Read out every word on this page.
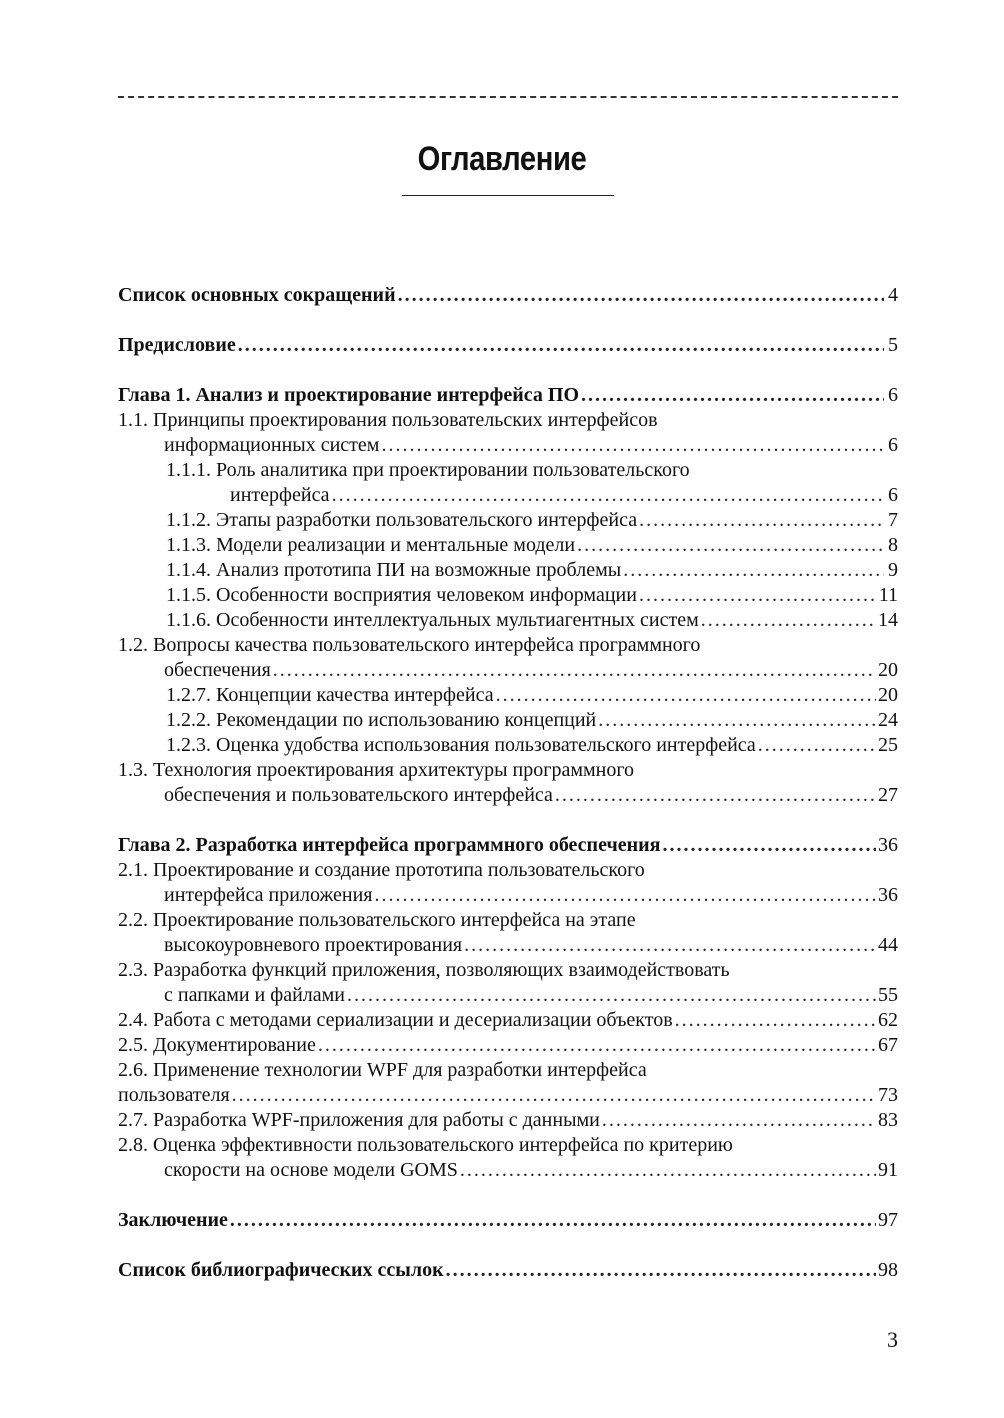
Оглавление
Список основных сокращений .....	4
Предисловие .....	5
Глава 1. Анализ и проектирование интерфейса ПО .....	6
1.1. Принципы проектирования пользовательских интерфейсов
информационных систем .....	6
1.1.1. Роль аналитика при проектировании пользовательского
интерфейса .....	6
1.1.2. Этапы разработки пользовательского интерфейса .....	7
1.1.3. Модели реализации и ментальные модели .....	8
1.1.4. Анализ прототипа ПИ на возможные проблемы .....	9
1.1.5. Особенности восприятия человеком информации .....	11
1.1.6. Особенности интеллектуальных мультиагентных систем .....	14
1.2. Вопросы качества пользовательского интерфейса программного
обеспечения .....	20
1.2.7. Концепции качества интерфейса .....	20
1.2.2. Рекомендации по использованию концепций .....	24
1.2.3. Оценка удобства использования пользовательского интерфейса .....	25
1.3. Технология проектирования архитектуры программного
обеспечения и пользовательского интерфейса .....	27
Глава 2. Разработка интерфейса программного обеспечения .....	36
2.1. Проектирование и создание прототипа пользовательского
интерфейса приложения .....	36
2.2. Проектирование пользовательского интерфейса на этапе
высокоуровневого проектирования .....	44
2.3. Разработка функций приложения, позволяющих взаимодействовать
с папками и файлами .....	55
2.4. Работа с методами сериализации и десериализации объектов .....	62
2.5. Документирование .....	67
2.6. Применение технологии WPF для разработки интерфейса
пользователя .....	73
2.7. Разработка WPF-приложения для работы с данными .....	83
2.8. Оценка эффективности пользовательского интерфейса по критерию
скорости на основе модели GOMS .....	91
Заключение .....	97
Список библиографических ссылок .....	98
3
